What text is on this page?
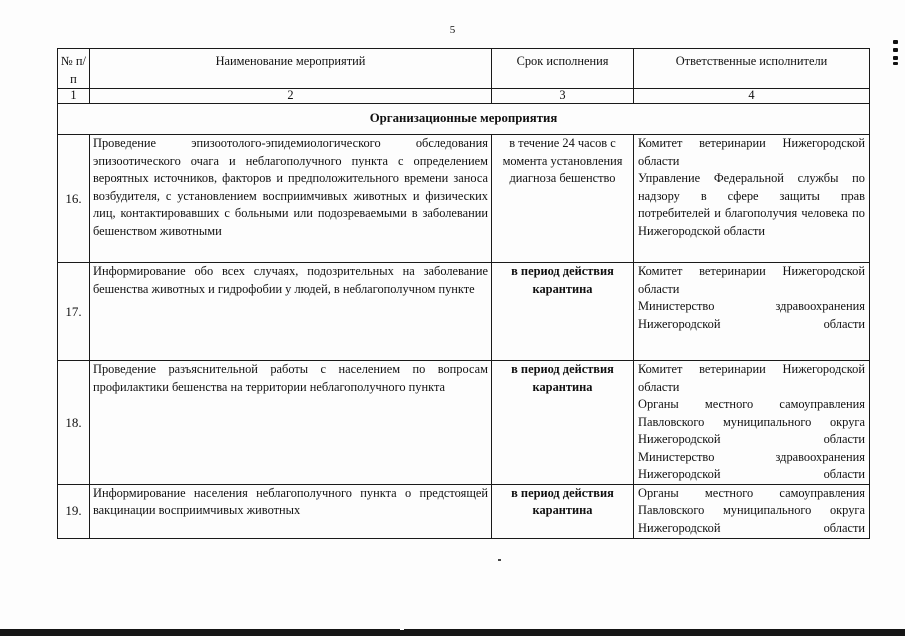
5
№ п/п	Наименование мероприятий	Срок исполнения	Ответственные исполнители
1	2	3	4
Организационные мероприятия			
16.	Проведение эпизоотолого-эпидемиологического обследования эпизоотического очага и неблагополучного пункта с определением вероятных источников, факторов и предположительного времени заноса возбудителя, с установлением восприимчивых животных и физических лиц, контактировавших с больными или подозреваемыми в заболевании бешенством животными	в течение 24 часов с момента установления диагноза бешенство	Комитет ветеринарии Нижегородской области

Управление Федеральной службы по надзору в сфере защиты прав потребителей и благополучия человека по Нижегородской области

17.	Информирование обо всех случаях, подозрительных на заболевание бешенства животных и гидрофобии у людей, в неблагополучном пункте	в период действия карантина	Комитет ветеринарии Нижегородской области

Министерство здравоохранения Нижегородской области

18.	Проведение разъяснительной работы с населением по вопросам профилактики бешенства на территории неблагополучного пункта	в период действия карантина	Комитет ветеринарии Нижегородской области

Органы местного самоуправления Павловского муниципального округа Нижегородской области

Министерство здравоохранения Нижегородской области

19.	Информирование населения неблагополучного пункта о предстоящей вакцинации восприимчивых животных	в период действия карантина	Органы местного самоуправления Павловского муниципального округа Нижегородской области
